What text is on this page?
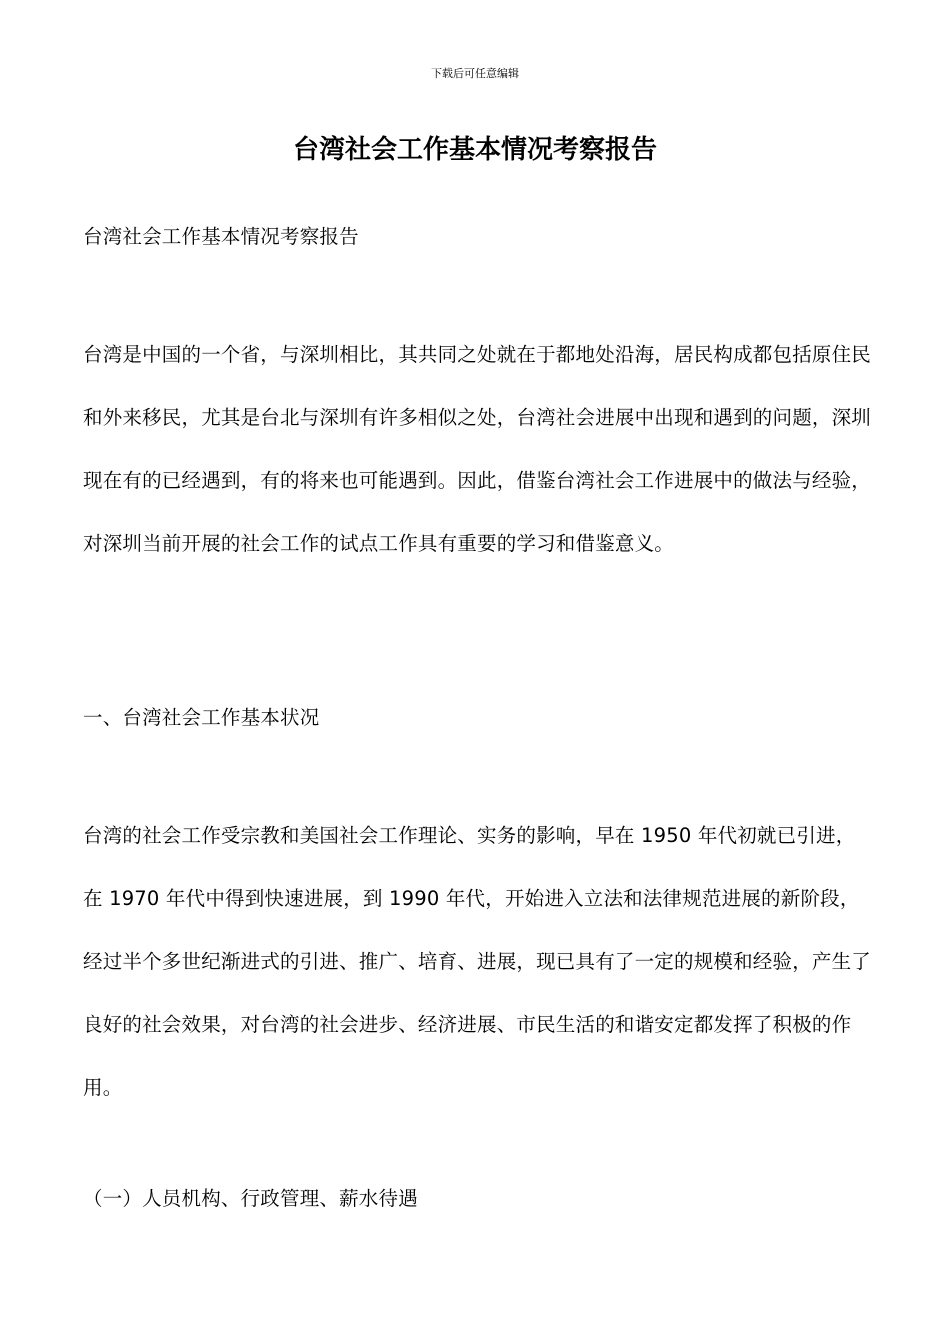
下载后可任意编辑
台湾社会工作基本情况考察报告

台湾社会工作基本情况考察报告

台湾是中国的一个省，与深圳相比，其共同之处就在于都地处沿海，居民构成都包括原住民和外来移民，尤其是台北与深圳有许多相似之处，台湾社会进展中出现和遇到的问题，深圳现在有的已经遇到，有的将来也可能遇到。因此，借鉴台湾社会工作进展中的做法与经验，对深圳当前开展的社会工作的试点工作具有重要的学习和借鉴意义。

一、台湾社会工作基本状况

台湾的社会工作受宗教和美国社会工作理论、实务的影响，早在 1950 年代初就已引进，在 1970 年代中得到快速进展，到 1990 年代，开始进入立法和法律规范进展的新阶段，经过半个多世纪渐进式的引进、推广、培育、进展，现已具有了一定的规模和经验，产生了良好的社会效果，对台湾的社会进步、经济进展、市民生活的和谐安定都发挥了积极的作用。

（一）人员机构、行政管理、薪水待遇
